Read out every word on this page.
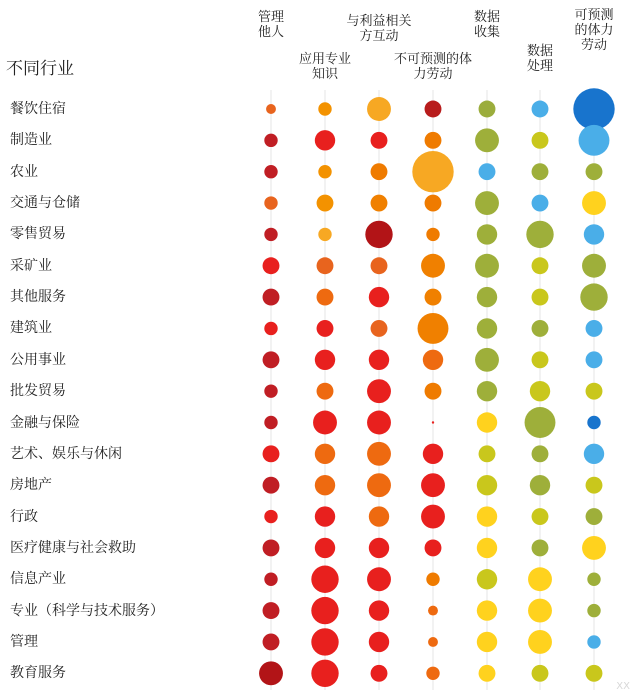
不同行业
管理
他人
应用专业
知识
与利益相关
方互动
不可预测的体
力劳动
数据
收集
数据
处理
可预测
的体力
劳动
餐饮住宿
制造业
农业
交通与仓储
零售贸易
采矿业
其他服务
建筑业
公用事业
批发贸易
金融与保险
艺术、娱乐与休闲
房地产
行政
医疗健康与社会救助
信息产业
专业（科学与技术服务）
管理
教育服务
XX
